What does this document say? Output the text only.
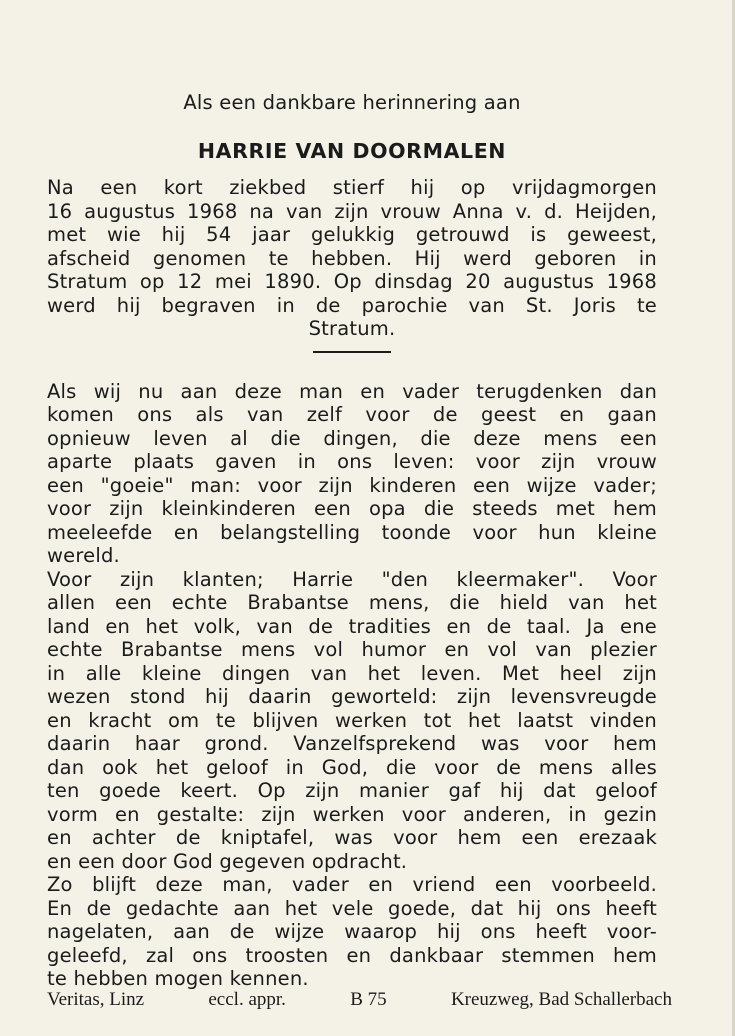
Als een dankbare herinnering aan

HARRIE VAN DOORMALEN

Na een kort ziekbed stierf hij op vrijdagmorgen
16 augustus 1968 na van zijn vrouw Anna v. d. Heijden,
met wie hij 54 jaar gelukkig getrouwd is geweest,
afscheid genomen te hebben. Hij werd geboren in
Stratum op 12 mei 1890. Op dinsdag 20 augustus 1968
werd hij begraven in de parochie van St. Joris te
Stratum.
Als wij nu aan deze man en vader terugdenken dan
komen ons als van zelf voor de geest en gaan
opnieuw leven al die dingen, die deze mens een
aparte plaats gaven in ons leven: voor zijn vrouw
een "goeie" man: voor zijn kinderen een wijze vader;
voor zijn kleinkinderen een opa die steeds met hem
meeleefde en belangstelling toonde voor hun kleine
wereld.
Voor zijn klanten; Harrie "den kleermaker". Voor
allen een echte Brabantse mens, die hield van het
land en het volk, van de tradities en de taal. Ja ene
echte Brabantse mens vol humor en vol van plezier
in alle kleine dingen van het leven. Met heel zijn
wezen stond hij daarin geworteld: zijn levensvreugde
en kracht om te blijven werken tot het laatst vinden
daarin haar grond. Vanzelfsprekend was voor hem
dan ook het geloof in God, die voor de mens alles
ten goede keert. Op zijn manier gaf hij dat geloof
vorm en gestalte: zijn werken voor anderen, in gezin
en achter de kniptafel, was voor hem een erezaak
en een door God gegeven opdracht.
Zo blijft deze man, vader en vriend een voorbeeld.
En de gedachte aan het vele goede, dat hij ons heeft
nagelaten, aan de wijze waarop hij ons heeft voor-
geleefd, zal ons troosten en dankbaar stemmen hem
te hebben mogen kennen.
Veritas, Linz	eccl. appr.	B 75	Kreuzweg, Bad Schallerbach
